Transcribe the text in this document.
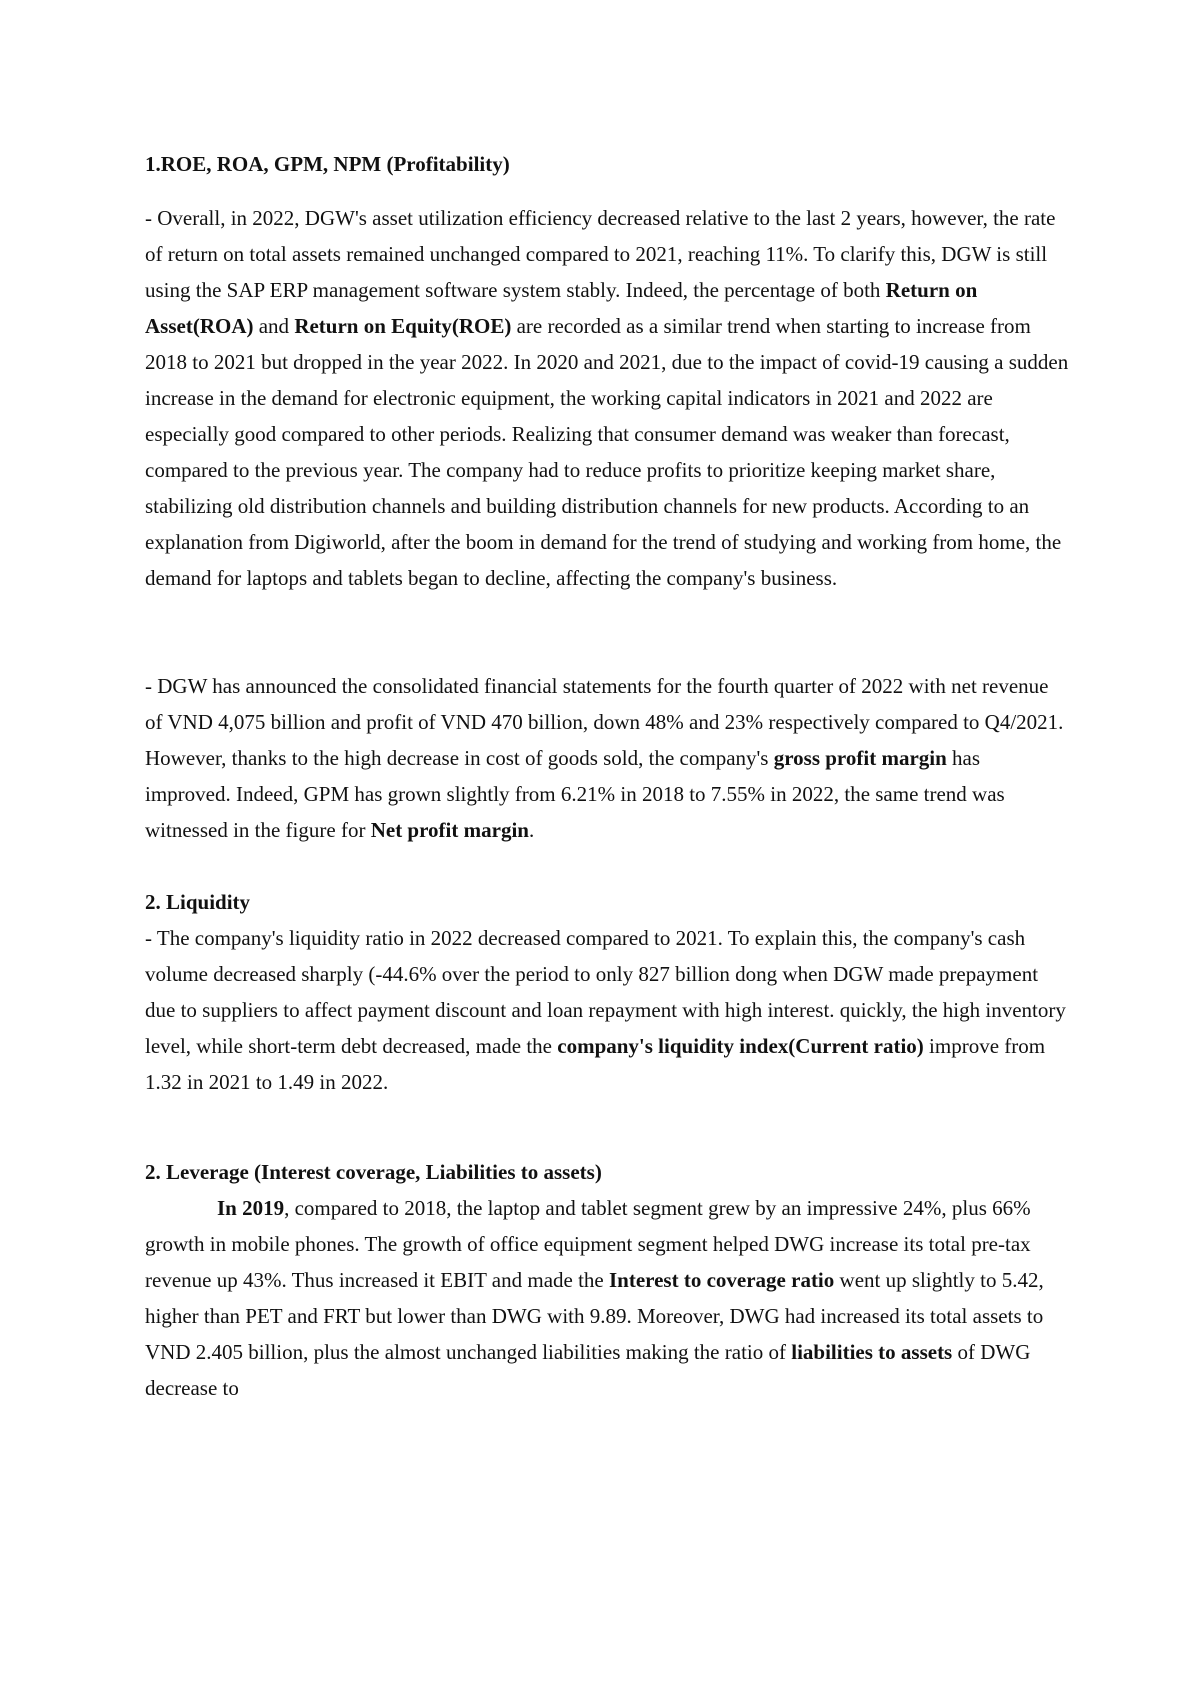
1.ROE, ROA, GPM, NPM (Profitability)

- Overall, in 2022, DGW's asset utilization efficiency decreased relative to the last 2 years, however, the rate of return on total assets remained unchanged compared to 2021, reaching 11%. To clarify this, DGW is still using the SAP ERP management software system stably. Indeed, the percentage of both Return on Asset(ROA) and Return on Equity(ROE) are recorded as a similar trend when starting to increase from 2018 to 2021 but dropped in the year 2022. In 2020 and 2021, due to the impact of covid-19 causing a sudden increase in the demand for electronic equipment, the working capital indicators in 2021 and 2022 are especially good compared to other periods. Realizing that consumer demand was weaker than forecast, compared to the previous year. The company had to reduce profits to prioritize keeping market share, stabilizing old distribution channels and building distribution channels for new products. According to an explanation from Digiworld, after the boom in demand for the trend of studying and working from home, the demand for laptops and tablets began to decline, affecting the company's business.

- DGW has announced the consolidated financial statements for the fourth quarter of 2022 with net revenue of VND 4,075 billion and profit of VND 470 billion, down 48% and 23% respectively compared to Q4/2021. However, thanks to the high decrease in cost of goods sold, the company's gross profit margin has improved. Indeed, GPM has grown slightly from 6.21% in 2018 to 7.55% in 2022, the same trend was witnessed in the figure for Net profit margin.

2. Liquidity

- The company's liquidity ratio in 2022 decreased compared to 2021. To explain this, the company's cash volume decreased sharply (-44.6% over the period to only 827 billion dong when DGW made prepayment due to suppliers to affect payment discount and loan repayment with high interest. quickly, the high inventory level, while short-term debt decreased, made the company's liquidity index(Current ratio) improve from 1.32 in 2021 to 1.49 in 2022.

2. Leverage (Interest coverage, Liabilities to assets)

In 2019, compared to 2018, the laptop and tablet segment grew by an impressive 24%, plus 66% growth in mobile phones. The growth of office equipment segment helped DWG increase its total pre-tax revenue up 43%. Thus increased it EBIT and made the Interest to coverage ratio went up slightly to 5.42, higher than PET and FRT but lower than DWG with 9.89. Moreover, DWG had increased its total assets to VND 2.405 billion, plus the almost unchanged liabilities making the ratio of liabilities to assets of DWG decrease to
